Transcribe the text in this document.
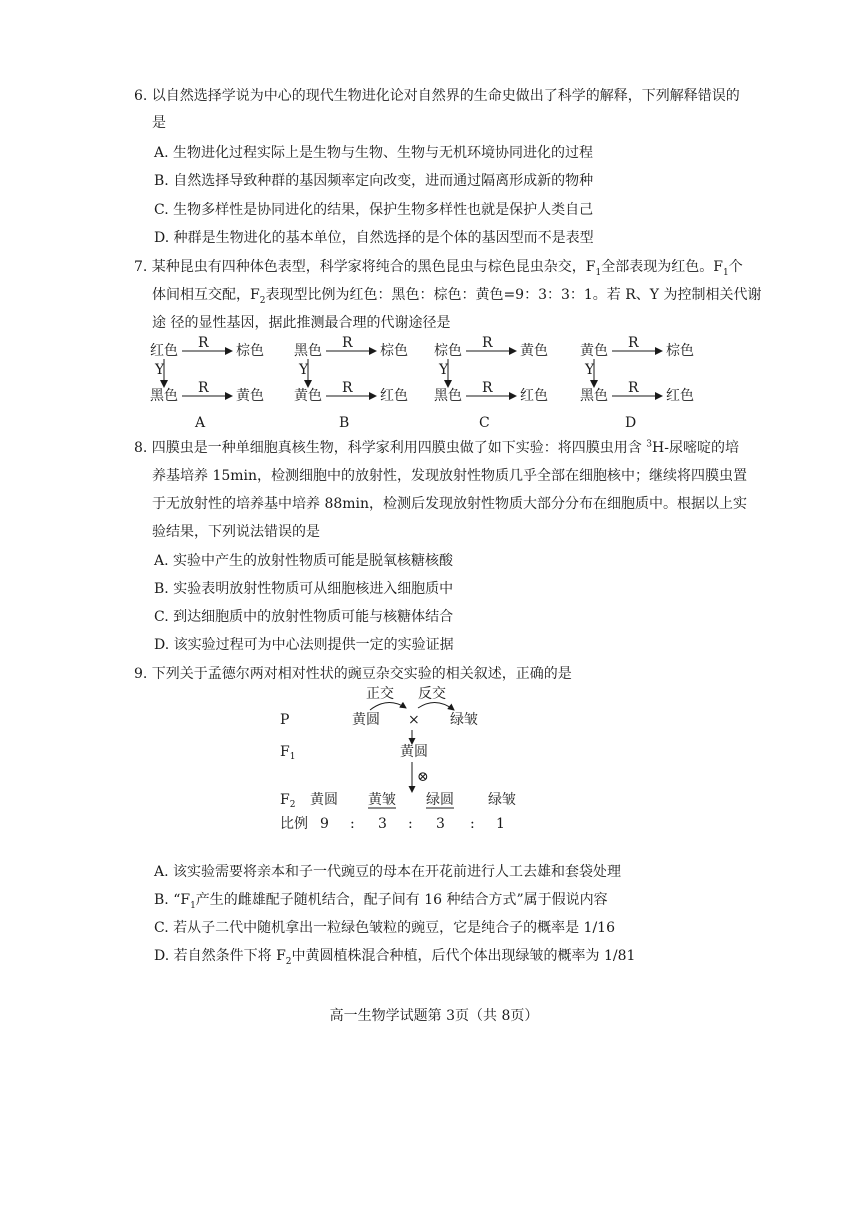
6. 以自然选择学说为中心的现代生物进化论对自然界的生命史做出了科学的解释，下列解释错误的
是
A. 生物进化过程实际上是生物与生物、生物与无机环境协同进化的过程
B. 自然选择导致种群的基因频率定向改变，进而通过隔离形成新的物种
C. 生物多样性是协同进化的结果，保护生物多样性也就是保护人类自己
D. 种群是生物进化的基本单位，自然选择的是个体的基因型而不是表型
7. 某种昆虫有四种体色表型，科学家将纯合的黑色昆虫与棕色昆虫杂交，$F_1$全部表现为红色。$F_1$个
体间相互交配，$F_2$表现型比例为红色：黑色：棕色：黄色=9：3：3：1。若 R、Y 为控制相关代谢
途 径的显性基因，据此推测最合理的代谢途径是
红色 R 棕色
Y
黑色 R 黄色
A
黑色 R 棕色
Y
黄色 R 红色
B
棕色 R 黄色
Y
黑色 R 红色
C
黄色 R 棕色
Y
黑色 R 红色
D
8. 四膜虫是一种单细胞真核生物，科学家利用四膜虫做了如下实验：将四膜虫用含 $^3$H-尿嘧啶的培
养基培养 15min，检测细胞中的放射性，发现放射性物质几乎全部在细胞核中；继续将四膜虫置
于无放射性的培养基中培养 88min，检测后发现放射性物质大部分分布在细胞质中。根据以上实
验结果，下列说法错误的是
A. 实验中产生的放射性物质可能是脱氧核糖核酸
B. 实验表明放射性物质可从细胞核进入细胞质中
C. 到达细胞质中的放射性物质可能与核糖体结合
D. 该实验过程可为中心法则提供一定的实验证据
9. 下列关于孟德尔两对相对性状的豌豆杂交实验的相关叙述，正确的是
正交 反交
P	黄圆 × 绿皱
$F_1$	黄圆
⊗
$F_2$ 黄圆 黄皱 绿圆 绿皱
比例 9 : 3 : 3 : 1
A. 该实验需要将亲本和子一代豌豆的母本在开花前进行人工去雄和套袋处理
B. “$F_1$产生的雌雄配子随机结合，配子间有 16 种结合方式”属于假说内容
C. 若从子二代中随机拿出一粒绿色皱粒的豌豆，它是纯合子的概率是 1/16
D. 若自然条件下将 $F_2$中黄圆植株混合种植，后代个体出现绿皱的概率为 1/81
高一生物学试题第 3页（共 8页）
